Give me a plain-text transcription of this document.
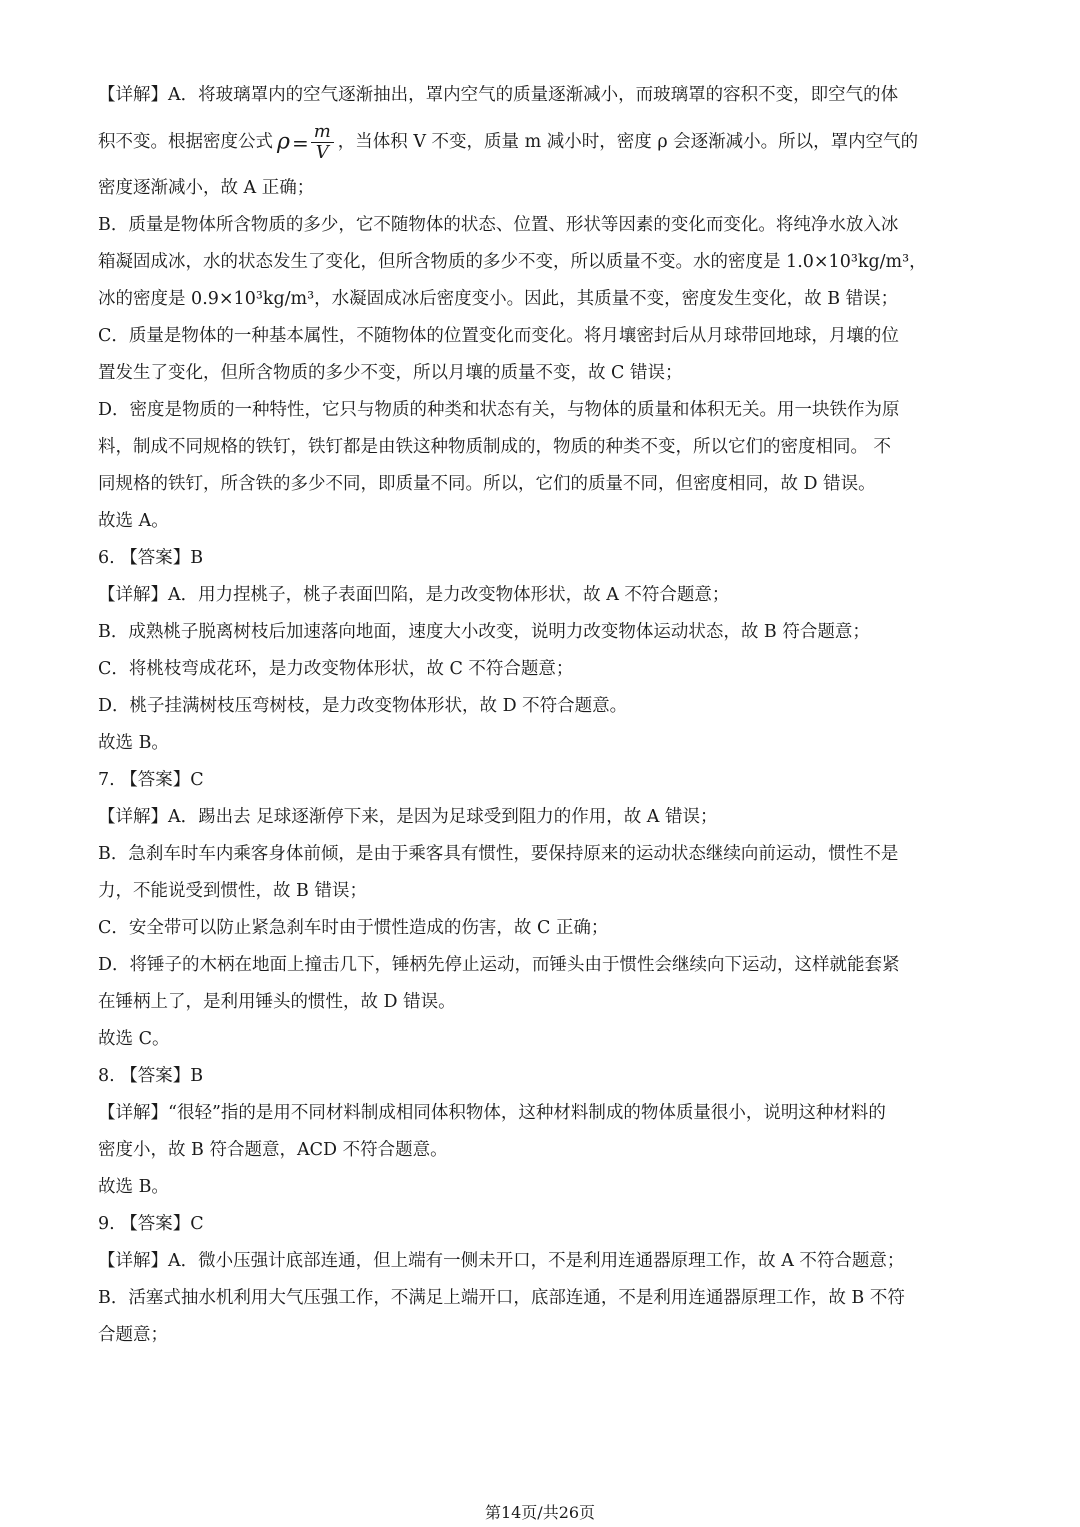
【详解】A．将玻璃罩内的空气逐渐抽出，罩内空气的质量逐渐减小，而玻璃罩的容积不变，即空气的体
积不变。根据密度公式 $\rho = \frac{m}{V}$ ，当体积 V 不变，质量 m 减小时，密度 ρ 会逐渐减小。所以，罩内空气的
密度逐渐减小，故 A 正确；
B．质量是物体所含物质的多少，它不随物体的状态、位置、形状等因素的变化而变化。将纯净水放入冰
箱凝固成冰，水的状态发生了变化，但所含物质的多少不变，所以质量不变。水的密度是 1.0×10³kg/m³，
冰的密度是 0.9×10³kg/m³，水凝固成冰后密度变小。因此，其质量不变，密度发生变化，故 B 错误；
C．质量是物体的一种基本属性，不随物体的位置变化而变化。将月壤密封后从月球带回地球，月壤的位
置发生了变化，但所含物质的多少不变，所以月壤的质量不变，故 C 错误；
D．密度是物质的一种特性，它只与物质的种类和状态有关，与物体的质量和体积无关。用一块铁作为原
料，制成不同规格的铁钉，铁钉都是由铁这种物质制成的，物质的种类不变，所以它们的密度相同。 不
同规格的铁钉，所含铁的多少不同，即质量不同。所以，它们的质量不同，但密度相同，故 D 错误。
故选 A。
6. 【答案】B
【详解】A．用力捏桃子，桃子表面凹陷，是力改变物体形状，故 A 不符合题意；
B．成熟桃子脱离树枝后加速落向地面，速度大小改变，说明力改变物体运动状态，故 B 符合题意；
C．将桃枝弯成花环，是力改变物体形状，故 C 不符合题意；
D．桃子挂满树枝压弯树枝，是力改变物体形状，故 D 不符合题意。
故选 B。
7. 【答案】C
【详解】A．踢出去 足球逐渐停下来，是因为足球受到阻力的作用，故 A 错误；
B．急刹车时车内乘客身体前倾，是由于乘客具有惯性，要保持原来的运动状态继续向前运动，惯性不是
力，不能说受到惯性，故 B 错误；
C．安全带可以防止紧急刹车时由于惯性造成的伤害，故 C 正确；
D．将锤子的木柄在地面上撞击几下，锤柄先停止运动，而锤头由于惯性会继续向下运动，这样就能套紧
在锤柄上了，是利用锤头的惯性，故 D 错误。
故选 C。
8. 【答案】B
【详解】“很轻”指的是用不同材料制成相同体积物体，这种材料制成的物体质量很小，说明这种材料的
密度小，故 B 符合题意，ACD 不符合题意。
故选 B。
9. 【答案】C
【详解】A．微小压强计底部连通，但上端有一侧未开口，不是利用连通器原理工作，故 A 不符合题意；
B．活塞式抽水机利用大气压强工作，不满足上端开口，底部连通，不是利用连通器原理工作，故 B 不符
合题意；
第14页/共26页
